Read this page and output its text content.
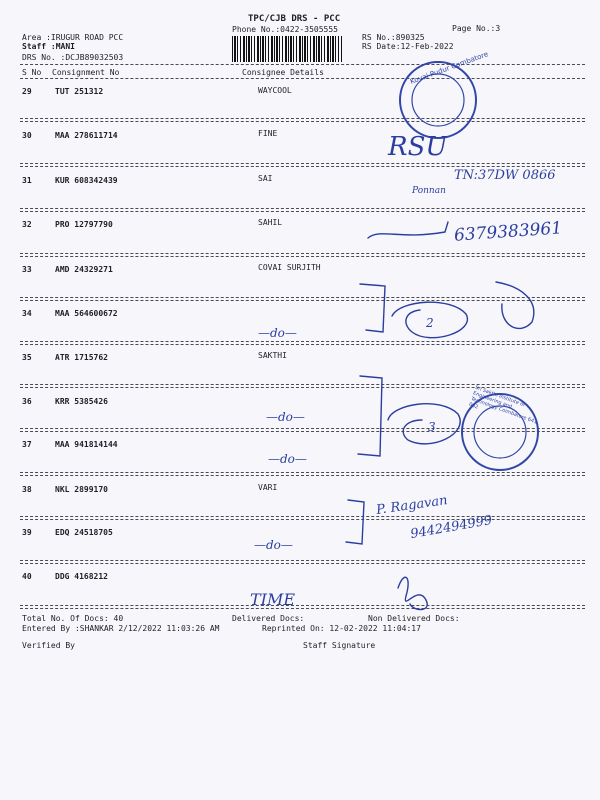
TPC/CJB DRS - PCC
Phone No.:0422-3505555	Page No.:3
Area :IRUGUR ROAD PCC
Staff :MANI
DRS No. :DCJB89032503
RS No.:890325
RS Date:12-Feb-2022
S No Consignment No	Consignee Details
29	TUT 251312	WAYCOOL
30	MAA 278611714	FINE
31	KUR 608342439	SAI
32	PRO 12797790	SAHIL
33	AMD 24329271	COVAI SURJITH
34	MAA 564600672
35	ATR 1715762	SAKTHI
36	KRR 5385426
37	MAA 941814144
38	NKL 2899170	VARI
39	EDQ 24518705
40	DDG 4168212
Kovai Pudur Combatore
Sri Sakthi Institute of Engineering and Technology Coimbatore 641 062
RSU
TN:37DW 0866
Ponnan
6379383961
—do—
2
—do—
3
—do—
P. Ragavan
9442494999
—do—
TIME
Total No. Of Docs: 40	Delivered Docs:	Non Delivered Docs:
Entered By :SHANKAR 2/12/2022 11:03:26 AM	Reprinted On: 12-02-2022 11:04:17
Verified By	Staff Signature
